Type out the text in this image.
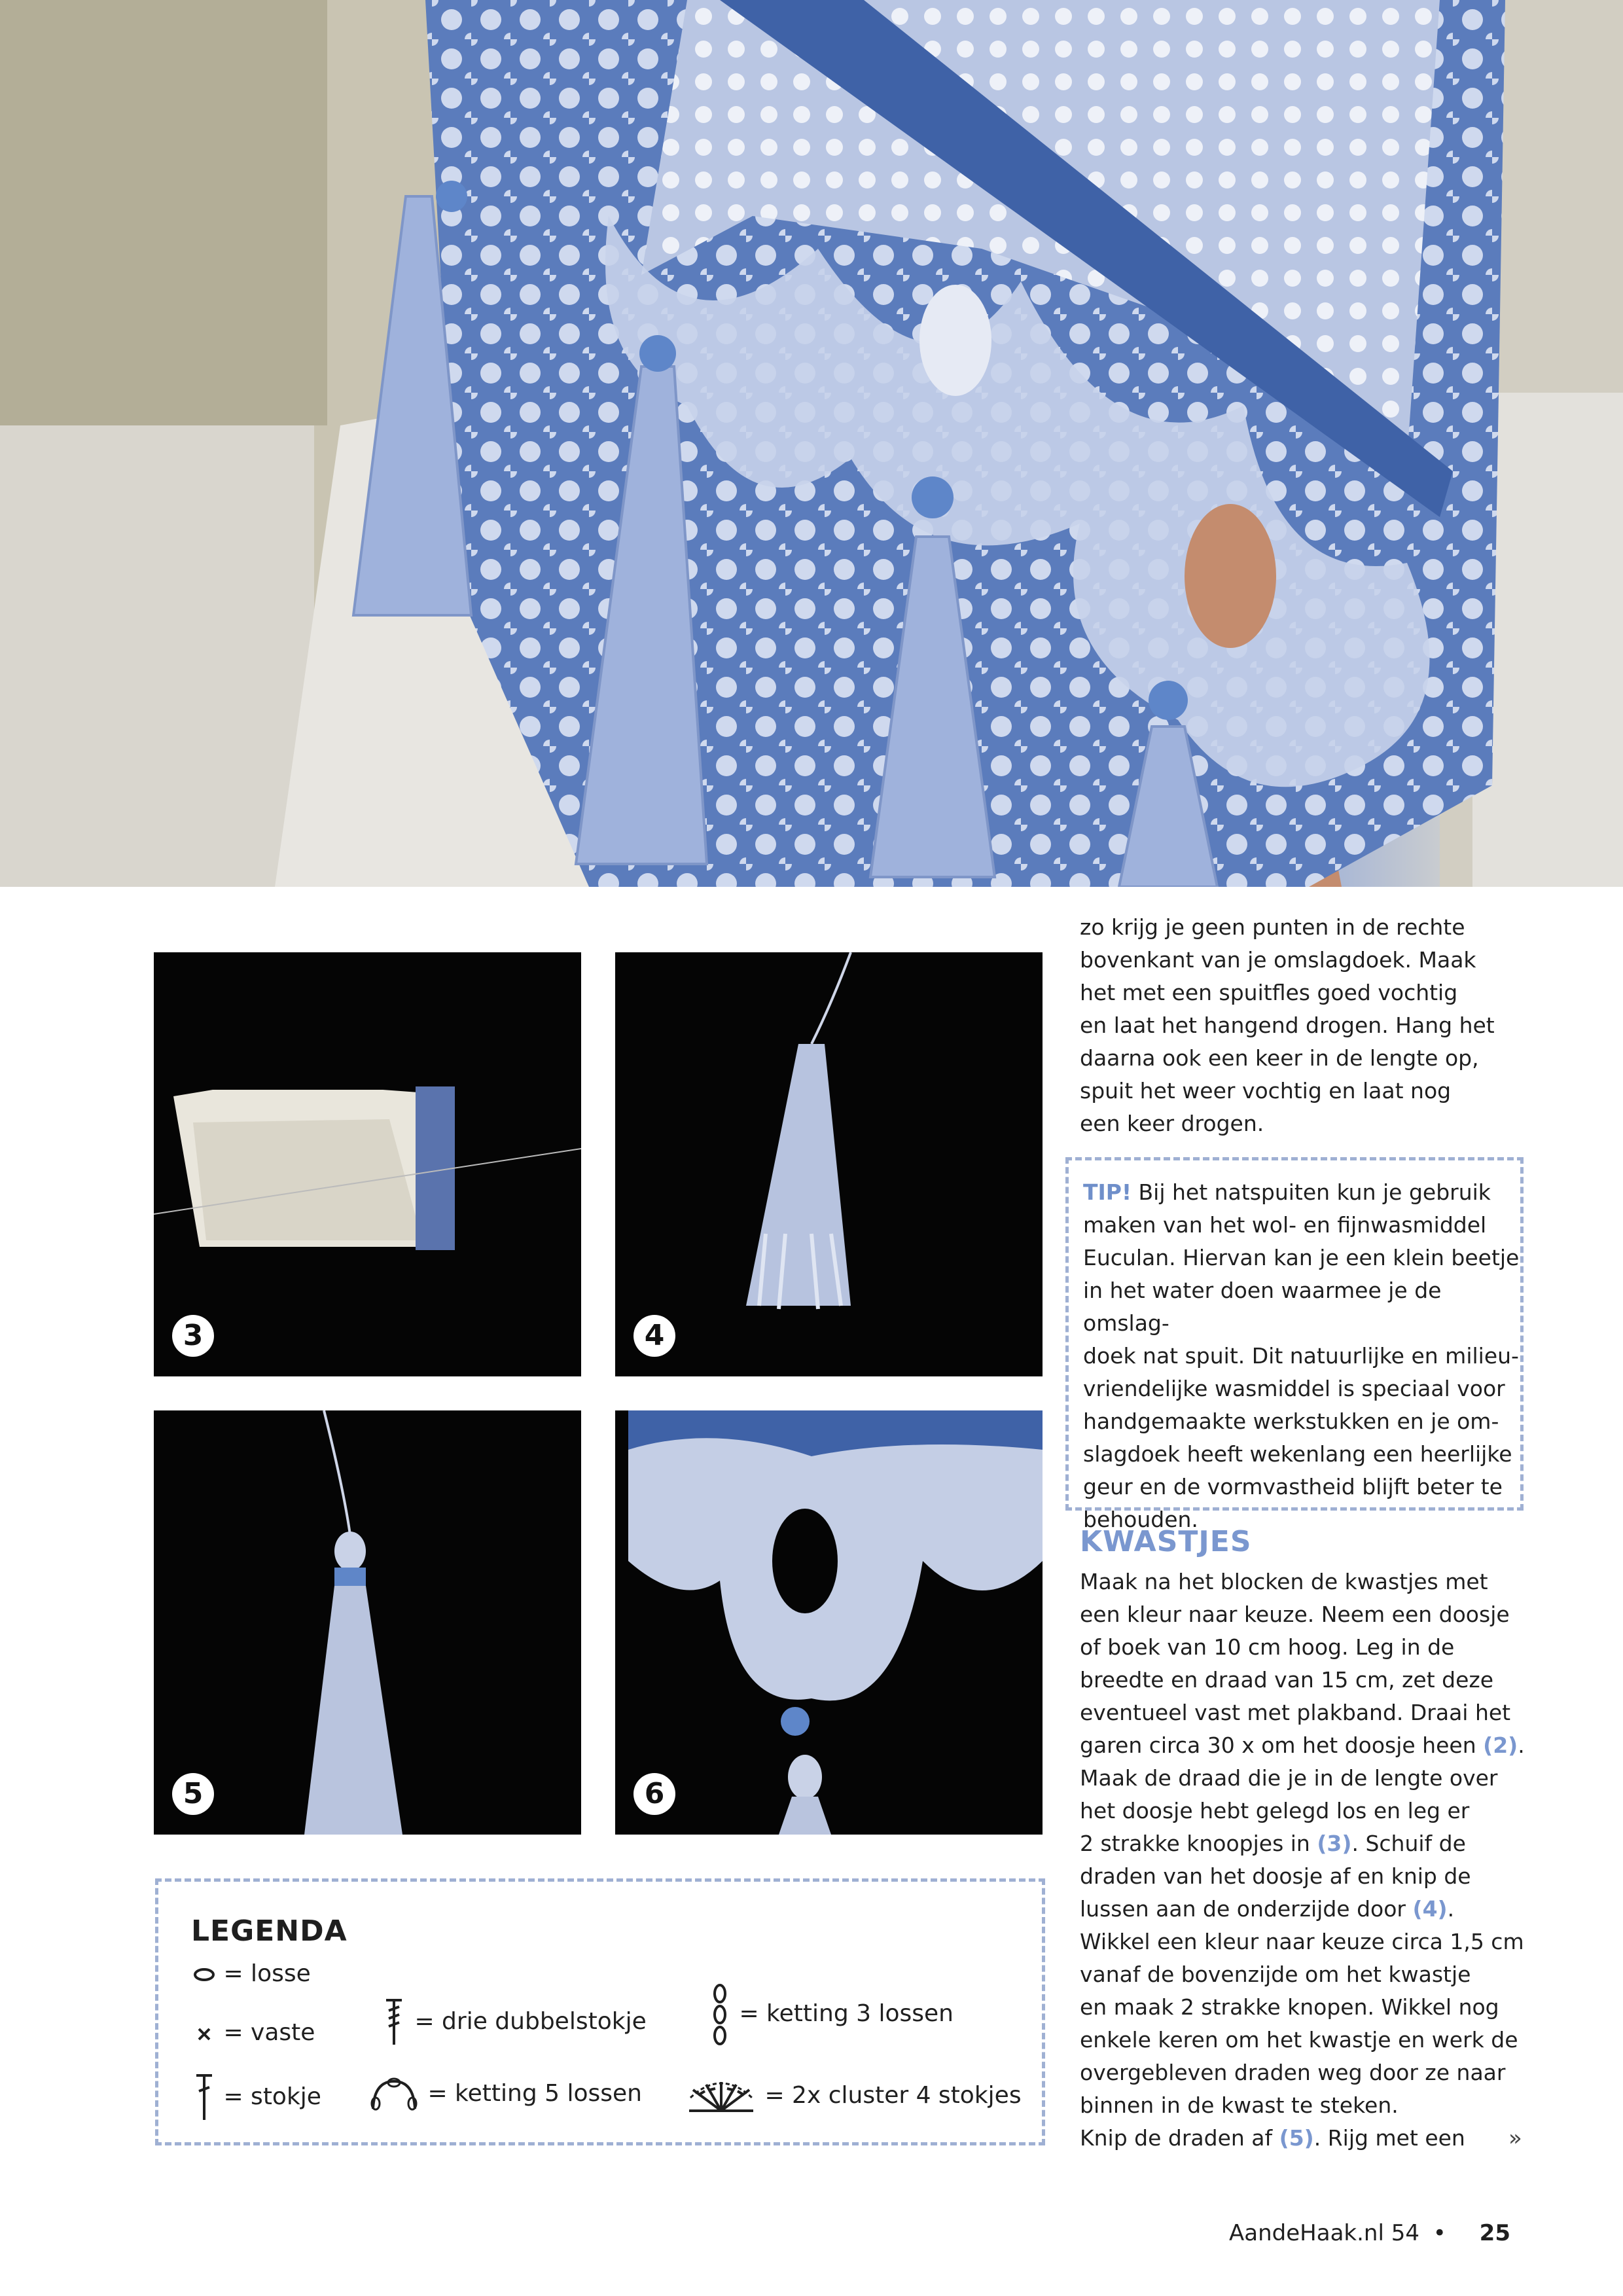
3	4
5	6

zo krijg je geen punten in de rechte

bovenkant van je omslagdoek. Maak

het met een spuitfles goed vochtig

en laat het hangend drogen. Hang het

daarna ook een keer in de lengte op,

spuit het weer vochtig en laat nog

een keer drogen.

TIP! Bij het natspuiten kun je gebruik

maken van het wol- en fijnwasmiddel

Euculan. Hiervan kan je een klein beetje

in het water doen waarmee je de omslag-

doek nat spuit. Dit natuurlijke en milieu-

vriendelijke wasmiddel is speciaal voor

handgemaakte werkstukken en je om-

slagdoek heeft wekenlang een heerlijke

geur en de vormvastheid blijft beter te

behouden.

KWASTJES

Maak na het blocken de kwastjes met

een kleur naar keuze. Neem een doosje

of boek van 10 cm hoog. Leg in de

breedte en draad van 15 cm, zet deze

eventueel vast met plakband. Draai het

garen circa 30 x om het doosje heen (2).

Maak de draad die je in de lengte over

het doosje hebt gelegd los en leg er

2 strakke knoopjes in (3). Schuif de

draden van het doosje af en knip de

lussen aan de onderzijde door (4).

Wikkel een kleur naar keuze circa 1,5 cm

vanaf de bovenzijde om het kwastje

en maak 2 strakke knopen. Wikkel nog

enkele keren om het kwastje en werk de

overgebleven draden weg door ze naar

binnen in de kwast te steken.

Knip de draden af (5). Rijg met een	»
LEGENDA
= losse
= vaste
= stokje
= drie dubbelstokje
= ketting 5 lossen
= ketting 3 lossen
= 2x cluster 4 stokjes
AandeHaak.nl 54 • 25
